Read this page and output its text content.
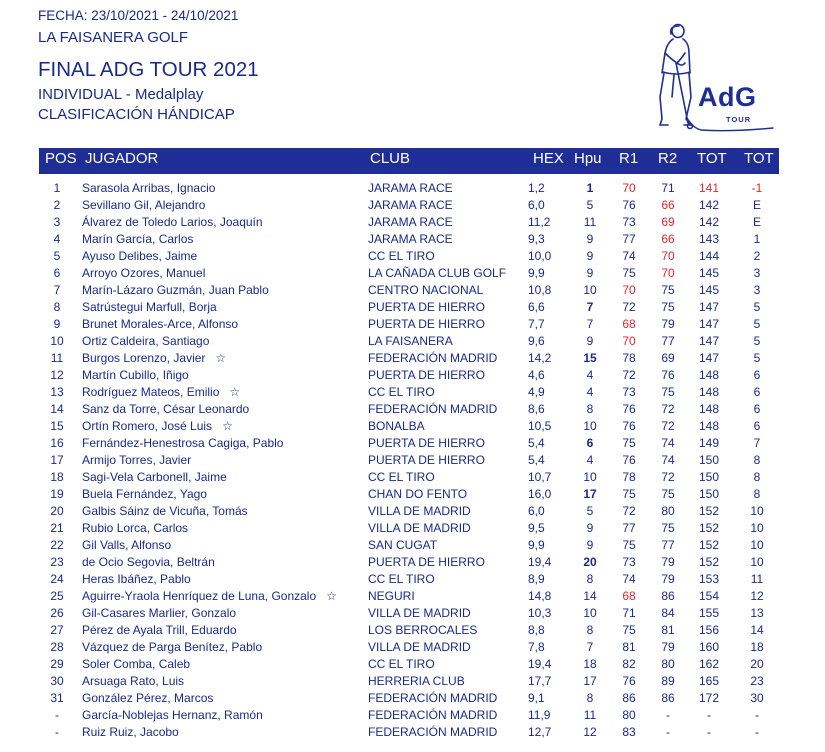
FECHA: 23/10/2021 - 24/10/2021
LA FAISANERA GOLF
FINAL ADG TOUR 2021
INDIVIDUAL - Medalplay
CLASIFICACIÓN HÁNDICAP
AdG
TOUR
POS JUGADOR	CLUB	HEX Hpu R1 R2 TOT TOT
1	Sarasola Arribas, Ignacio	JARAMA RACE	1,2	1	70	71	141	-1
2	Sevillano Gil, Alejandro	JARAMA RACE	6,0	5	76	66	142	E
3	Álvarez de Toledo Larios, Joaquín	JARAMA RACE	11,2	11	73	69	142	E
4	Marín García, Carlos	JARAMA RACE	9,3	9	77	66	143	1
5	Ayuso Delibes, Jaime	CC EL TIRO	10,0	9	74	70	144	2
6	Arroyo Ozores, Manuel	LA CAÑADA CLUB GOLF 9,9	9	75	70	145	3
7	Marín-Lázaro Guzmán, Juan Pablo	CENTRO NACIONAL	10,8	10	70	75	145	3
8	Satrústegui Marfull, Borja	PUERTA DE HIERRO	6,6	7	72	75	147	5
9	Brunet Morales-Arce, Alfonso	PUERTA DE HIERRO	7,7	7	68	79	147	5
10	Ortiz Caldeira, Santiago	LA FAISANERA	9,6	9	70	77	147	5
11	Burgos Lorenzo, Javier ☆	FEDERACIÓN MADRID	14,2	15	78	69	147	5
12	Martín Cubillo, Iñigo	PUERTA DE HIERRO	4,6	4	72	76	148	6
13	Rodríguez Mateos, Emilio ☆	CC EL TIRO	4,9	4	73	75	148	6
14	Sanz da Torre, César Leonardo	FEDERACIÓN MADRID	8,6	8	76	72	148	6
15	Ortín Romero, José Luis ☆	BONALBA	10,5	10	76	72	148	6
16	Fernández-Henestrosa Cagiga, Pablo	PUERTA DE HIERRO	5,4	6	75	74	149	7
17	Armijo Torres, Javier	PUERTA DE HIERRO	5,4	4	76	74	150	8
18	Sagi-Vela Carbonell, Jaime	CC EL TIRO	10,7	10	78	72	150	8
19	Buela Fernández, Yago	CHAN DO FENTO	16,0	17	75	75	150	8
20	Galbis Sáinz de Vicuña, Tomás	VILLA DE MADRID	6,0	5	72	80	152	10
21	Rubio Lorca, Carlos	VILLA DE MADRID	9,5	9	77	75	152	10
22	Gil Valls, Alfonso	SAN CUGAT	9,9	9	75	77	152	10
23	de Ocio Segovia, Beltrán	PUERTA DE HIERRO	19,4	20	73	79	152	10
24	Heras Ibáñez, Pablo	CC EL TIRO	8,9	8	74	79	153	11
25	Aguirre-Yraola Henríquez de Luna, Gonzalo ☆	NEGURI	14,8	14	68	86	154	12
26	Gil-Casares Marlier, Gonzalo	VILLA DE MADRID	10,3	10	71	84	155	13
27	Pérez de Ayala Trill, Eduardo	LOS BERROCALES	8,8	8	75	81	156	14
28	Vázquez de Parga Benítez, Pablo	VILLA DE MADRID	7,8	7	81	79	160	18
29	Soler Comba, Caleb	CC EL TIRO	19,4	18	82	80	162	20
30	Arsuaga Rato, Luis	HERRERIA CLUB	17,7	17	76	89	165	23
31	González Pérez, Marcos	FEDERACIÓN MADRID	9,1	8	86	86	172	30
-	García-Noblejas Hernanz, Ramón	FEDERACIÓN MADRID	11,9	11	80	-	-	-
-	Ruiz Ruiz, Jacobo	FEDERACIÓN MADRID	12,7	12	83	-	-	-
